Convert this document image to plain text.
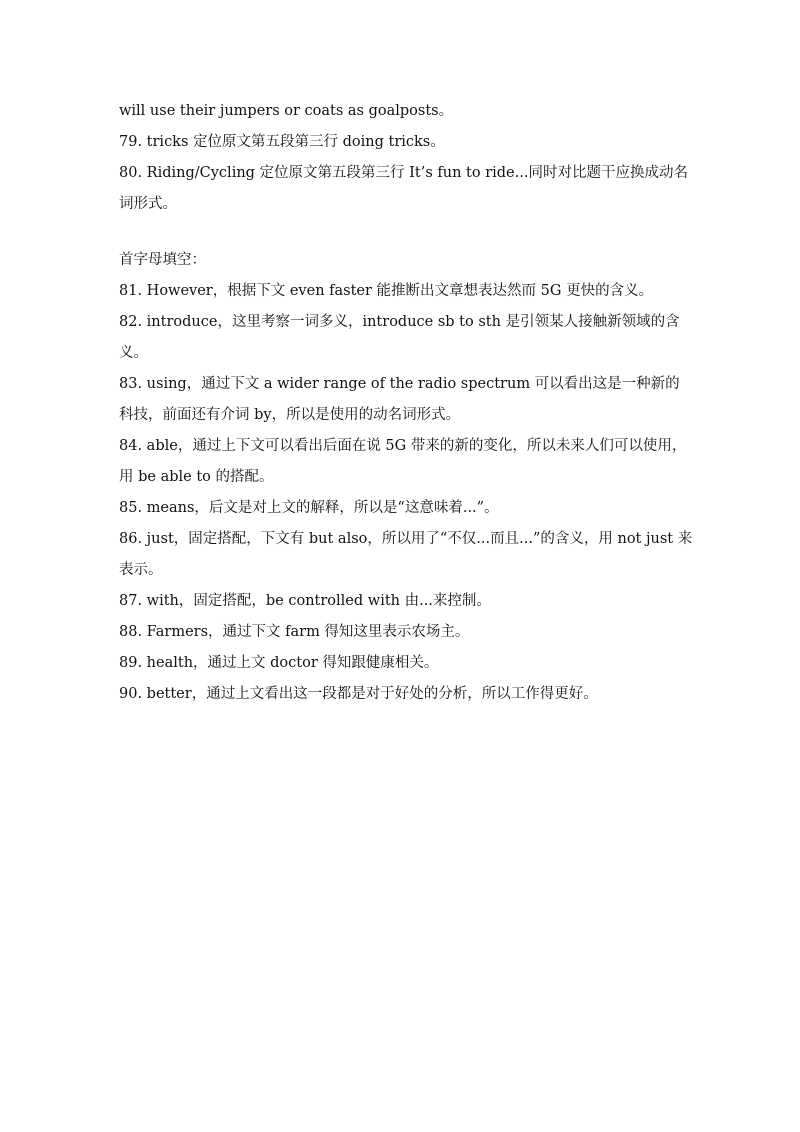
will use their jumpers or coats as goalposts。

79. tricks 定位原文第五段第三行 doing tricks。

80. Riding/Cycling 定位原文第五段第三行 It’s fun to ride...同时对比题干应换成动名词形式。

首字母填空：

81. However，根据下文 even faster 能推断出文章想表达然而 5G 更快的含义。

82. introduce，这里考察一词多义，introduce sb to sth 是引领某人接触新领域的含义。

83. using，通过下文 a wider range of the radio spectrum 可以看出这是一种新的科技，前面还有介词 by，所以是使用的动名词形式。

84. able，通过上下文可以看出后面在说 5G 带来的新的变化，所以未来人们可以使用，用 be able to 的搭配。

85. means，后文是对上文的解释，所以是“这意味着...”。

86. just，固定搭配，下文有 but also，所以用了“不仅...而且...”的含义，用 not just 来表示。

87. with，固定搭配，be controlled with 由...来控制。

88. Farmers，通过下文 farm 得知这里表示农场主。

89. health，通过上文 doctor 得知跟健康相关。

90. better，通过上文看出这一段都是对于好处的分析，所以工作得更好。
